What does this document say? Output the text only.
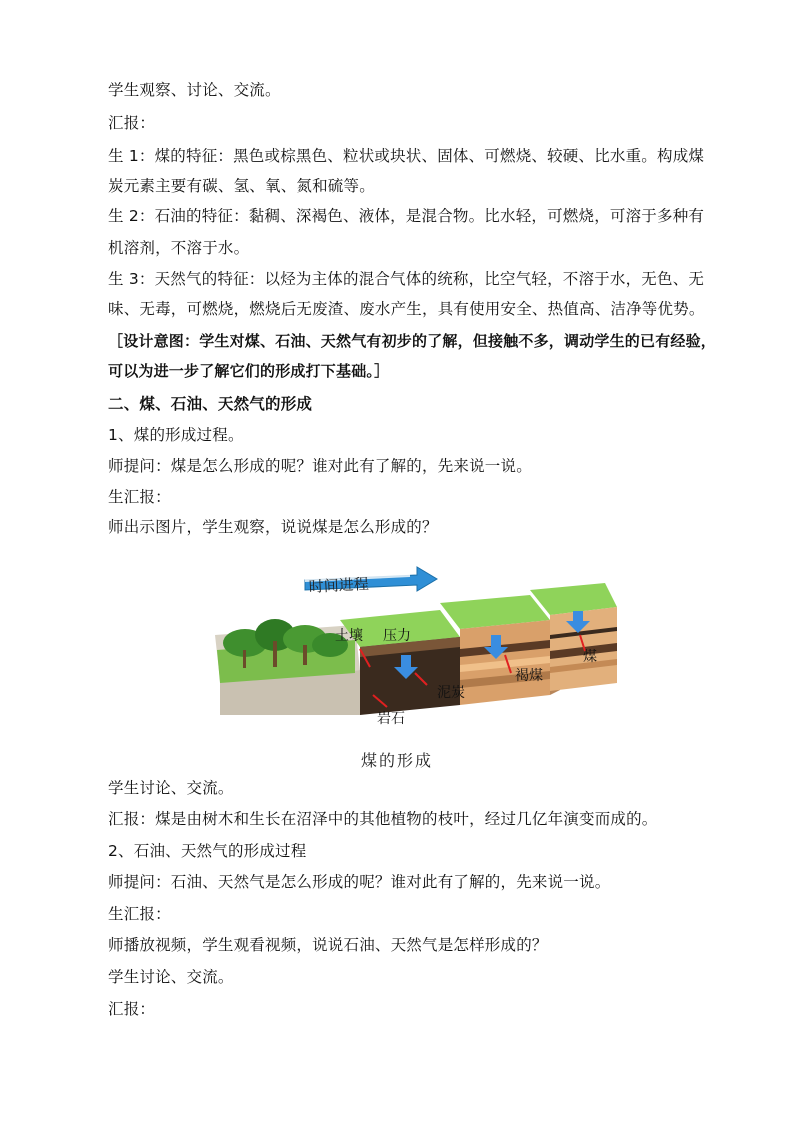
学生观察、讨论、交流。
汇报：
生 1：煤的特征：黑色或棕黑色、粒状或块状、固体、可燃烧、较硬、比水重。构成煤
炭元素主要有碳、氢、氧、氮和硫等。
生 2：石油的特征：黏稠、深褐色、液体，是混合物。比水轻，可燃烧，可溶于多种有
机溶剂，不溶于水。
生 3：天然气的特征：以烃为主体的混合气体的统称，比空气轻，不溶于水，无色、无
味、无毒，可燃烧，燃烧后无废渣、废水产生，具有使用安全、热值高、洁净等优势。
［设计意图：学生对煤、石油、天然气有初步的了解，但接触不多，调动学生的已有经验，
可以为进一步了解它们的形成打下基础。］
二、煤、石油、天然气的形成
1、煤的形成过程。
师提问：煤是怎么形成的呢？谁对此有了解的，先来说一说。
生汇报：
师出示图片，学生观察，说说煤是怎么形成的？
时间进程
土壤 压力
泥炭
岩石
褐煤
煤
煤的形成
学生讨论、交流。
汇报：煤是由树木和生长在沼泽中的其他植物的枝叶，经过几亿年演变而成的。
2、石油、天然气的形成过程
师提问：石油、天然气是怎么形成的呢？谁对此有了解的，先来说一说。
生汇报：
师播放视频，学生观看视频，说说石油、天然气是怎样形成的？
学生讨论、交流。
汇报：
